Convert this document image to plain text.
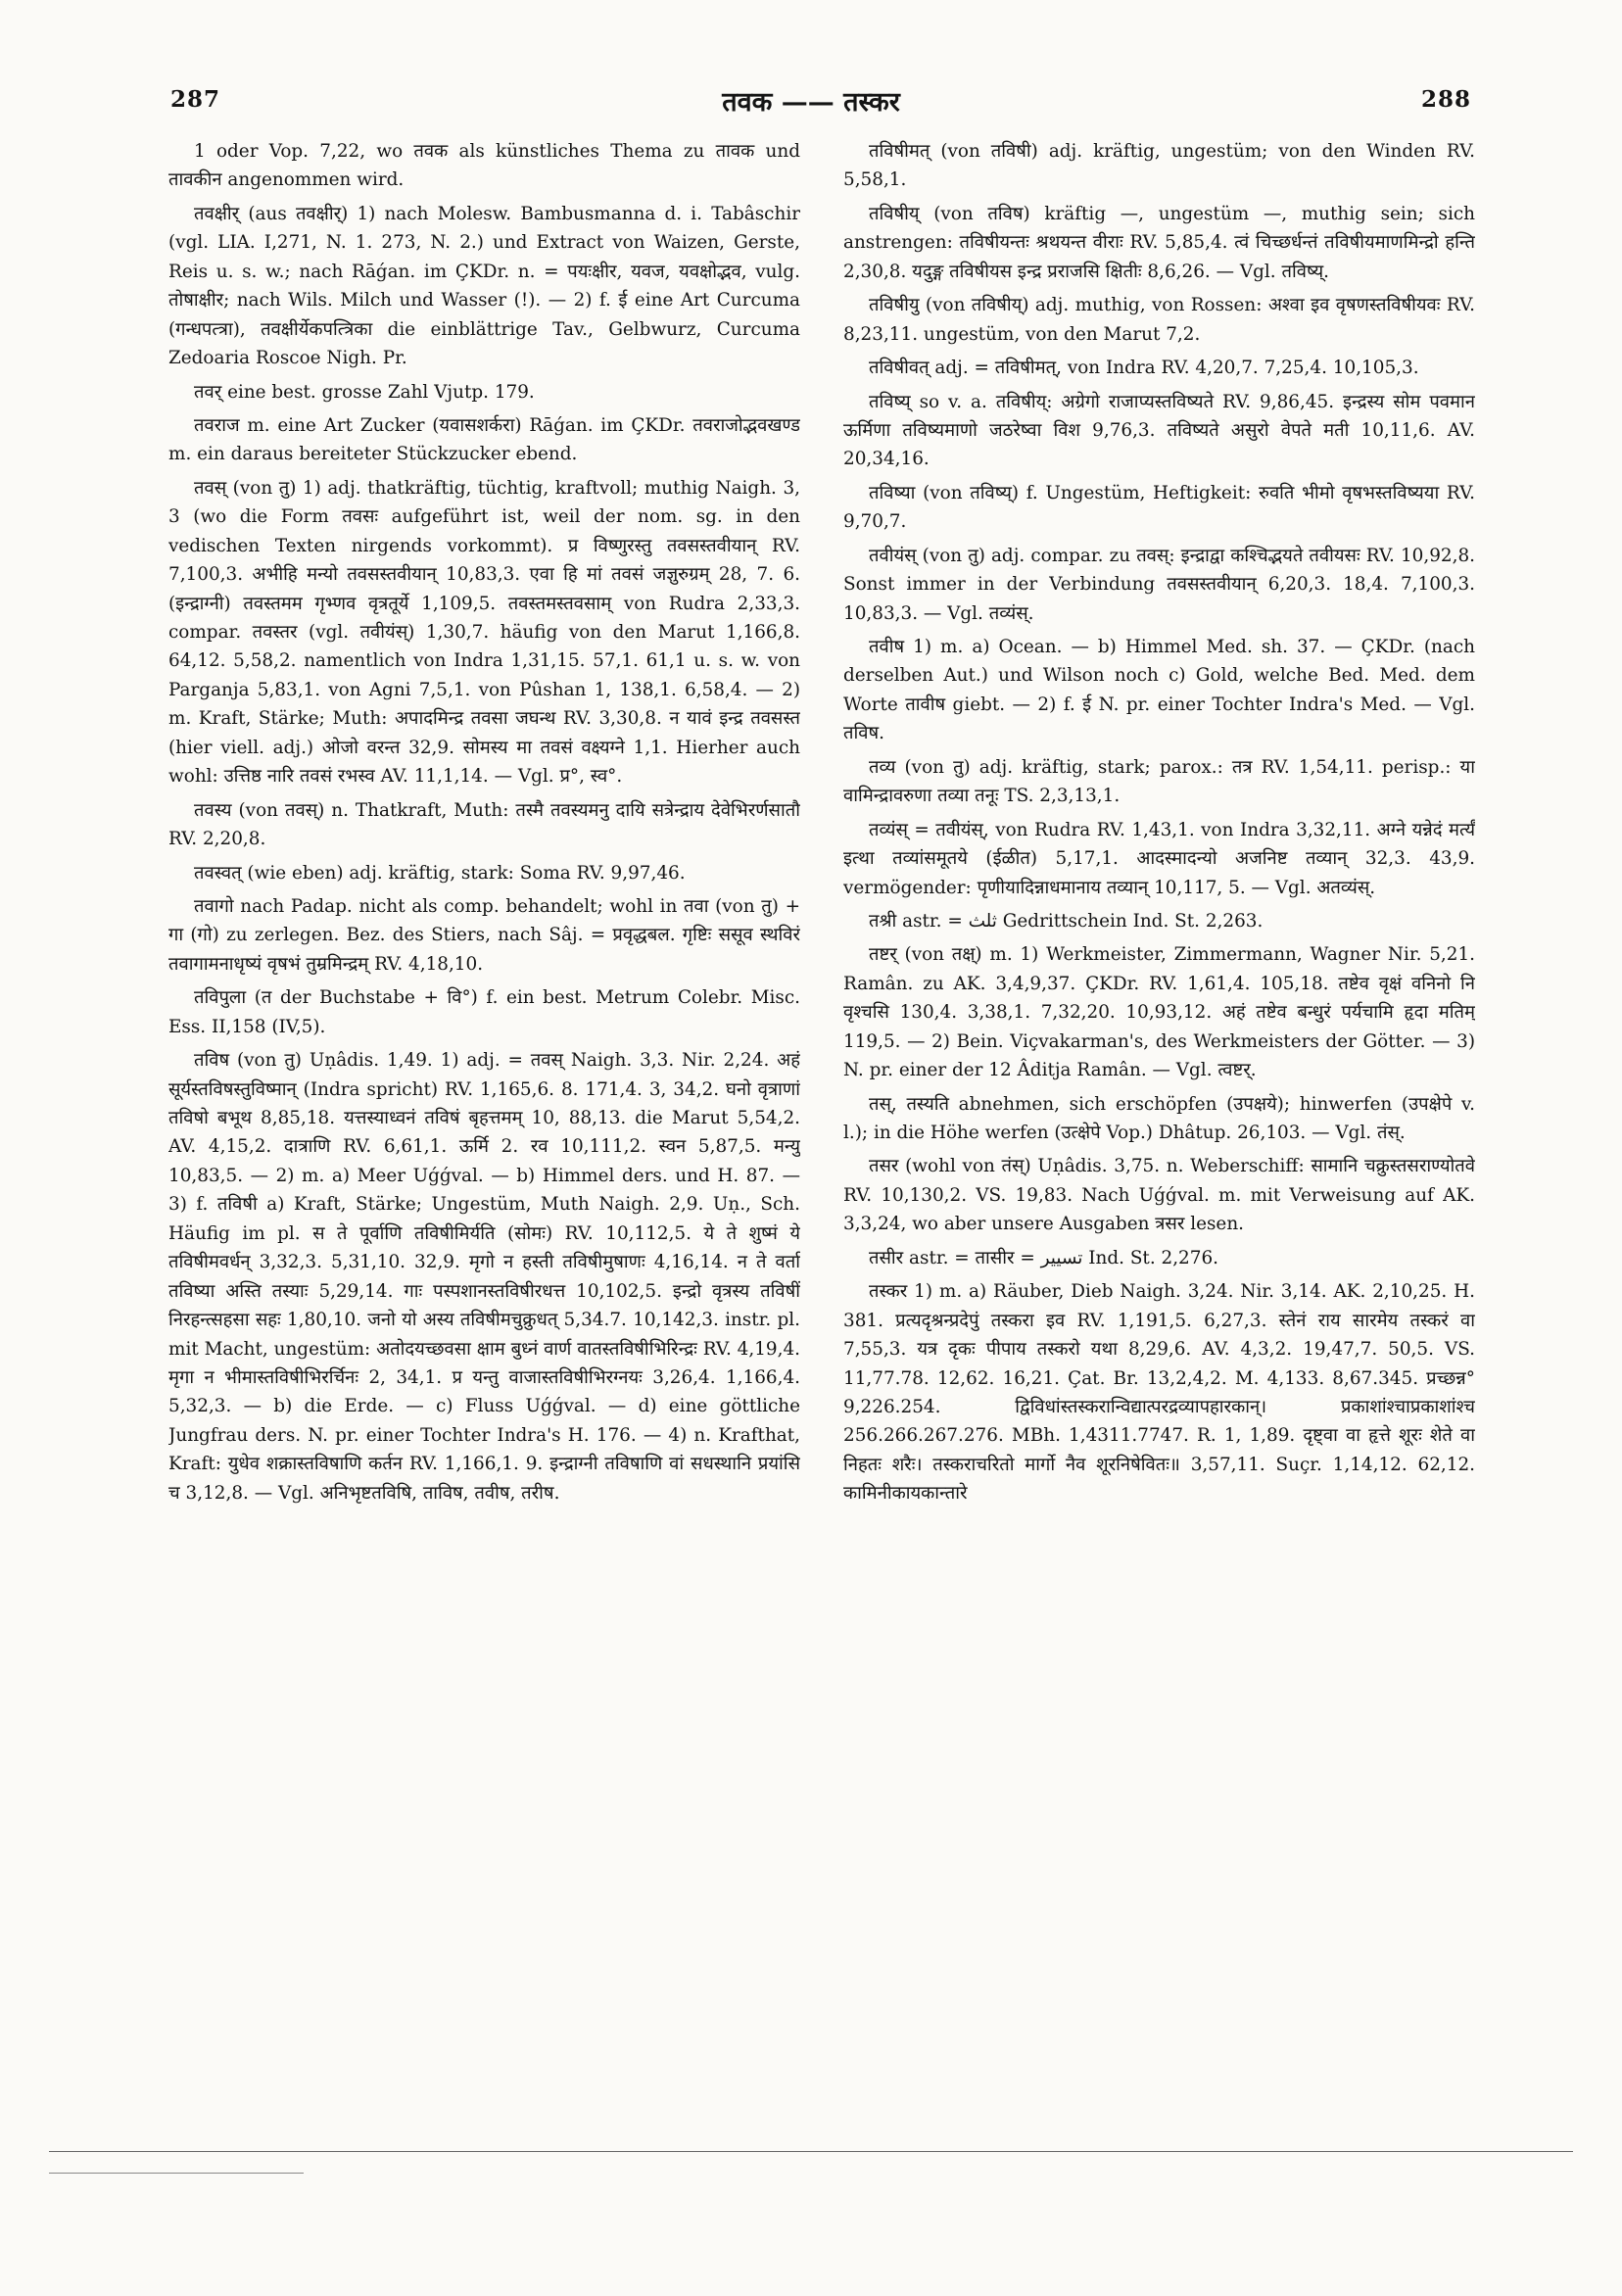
287	तवक —— तस्कर	288

1 oder Vop. 7,22, wo तवक als künstliches Thema zu तावक und तावकीन angenommen wird.

तवक्षीर् (aus तवक्षीर्) 1) nach Molesw. Bambusmanna d. i. Tabâschir (vgl. LIA. I,271, N. 1. 273, N. 2.) und Extract von Waizen, Gerste, Reis u. s. w.; nach Rāǵan. im ÇKDr. n. = पयःक्षीर, यवज, यवक्षोद्भव, vulg. तोषाक्षीर; nach Wils. Milch und Wasser (!). — 2) f. ई eine Art Curcuma (गन्धपत्त्रा), तवक्षीर्येकपत्त्रिका die einblättrige Tav., Gelbwurz, Curcuma Zedoaria Roscoe Nigh. Pr.

तवर् eine best. grosse Zahl Vjutp. 179.

तवराज m. eine Art Zucker (यवासशर्करा) Rāǵan. im ÇKDr. तवराजोद्भवखण्ड m. ein daraus bereiteter Stückzucker ebend.

तवस् (von तु) 1) adj. thatkräftig, tüchtig, kraftvoll; muthig Naigh. 3, 3 (wo die Form तवसः aufgeführt ist, weil der nom. sg. in den vedischen Texten nirgends vorkommt). प्र विष्णुरस्तु तवसस्तवीयान् RV. 7,100,3. अभीहि मन्यो तवसस्तवीयान् 10,83,3. एवा हि मां तवसं जज्ञुरुग्रम् 28, 7. 6. (इन्द्राग्नी) तवस्तमम गृभ्णव वृत्रतूर्ये 1,109,5. तवस्तमस्तवसाम् von Rudra 2,33,3. compar. तवस्तर (vgl. तवीयंस्) 1,30,7. häufig von den Marut 1,166,8. 64,12. 5,58,2. namentlich von Indra 1,31,15. 57,1. 61,1 u. s. w. von Parganja 5,83,1. von Agni 7,5,1. von Pûshan 1, 138,1. 6,58,4. — 2) m. Kraft, Stärke; Muth: अपादमिन्द्र तवसा जघन्थ RV. 3,30,8. न यावं इन्द्र तवसस्त (hier viell. adj.) ओजो वरन्त 32,9. सोमस्य मा तवसं वक्ष्यग्ने 1,1. Hierher auch wohl: उत्तिष्ठ नारि तवसं रभस्व AV. 11,1,14. — Vgl. प्र°, स्व°.

तवस्य (von तवस्) n. Thatkraft, Muth: तस्मै तवस्यमनु दायि सत्रेन्द्राय देवेभिरर्णसातौ RV. 2,20,8.

तवस्वत् (wie eben) adj. kräftig, stark: Soma RV. 9,97,46.

तवागो nach Padap. nicht als comp. behandelt; wohl in तवा (von तु) + गा (गो) zu zerlegen. Bez. des Stiers, nach Sâj. = प्रवृद्धबल. गृष्टिः ससूव स्थविरं तवागामनाधृष्यं वृषभं तुम्रमिन्द्रम् RV. 4,18,10.

तविपुला (त der Buchstabe + वि°) f. ein best. Metrum Colebr. Misc. Ess. II,158 (IV,5).

तविष (von तु) Uṇâdis. 1,49. 1) adj. = तवस् Naigh. 3,3. Nir. 2,24. अहं सूर्यस्तविषस्तुविष्मान् (Indra spricht) RV. 1,165,6. 8. 171,4. 3, 34,2. घनो वृत्राणां तविषो बभूथ 8,85,18. यत्तस्याध्वनं तविषं बृहत्तमम् 10, 88,13. die Marut 5,54,2. AV. 4,15,2. दात्राणि RV. 6,61,1. ऊर्मि 2. रव 10,111,2. स्वन 5,87,5. मन्यु 10,83,5. — 2) m. a) Meer Uǵǵval. — b) Himmel ders. und H. 87. — 3) f. तविषी a) Kraft, Stärke; Ungestüm, Muth Naigh. 2,9. Uṇ., Sch. Häufig im pl. स ते पूर्वाणि तविषीमिर्यति (सोमः) RV. 10,112,5. ये ते शुष्मं ये तविषीमवर्धन् 3,32,3. 5,31,10. 32,9. मृगो न हस्ती तविषीमुषाणः 4,16,14. न ते वर्ता तविष्या अस्ति तस्याः 5,29,14. गाः पस्पशानस्तविषीरधत्त 10,102,5. इन्द्रो वृत्रस्य तविषीं निरहन्त्सहसा सहः 1,80,10. जनो यो अस्य तविषीमचुक्रुधत् 5,34.7. 10,142,3. instr. pl. mit Macht, ungestüm: अतोदयच्छवसा क्षाम बुध्नं वार्ण वातस्तविषीभिरिन्द्रः RV. 4,19,4. मृगा न भीमास्तविषीभिरर्चिनः 2, 34,1. प्र यन्तु वाजास्तविषीभिरग्नयः 3,26,4. 1,166,4. 5,32,3. — b) die Erde. — c) Fluss Uǵǵval. — d) eine göttliche Jungfrau ders. N. pr. einer Tochter Indra's H. 176. — 4) n. Krafthat, Kraft: युधेव शक्रास्तविषाणि कर्तन RV. 1,166,1. 9. इन्द्राग्नी तविषाणि वां सधस्थानि प्रयांसि च 3,12,8. — Vgl. अनिभृष्टतविषि, ताविष, तवीष, तरीष.

तविषीमत् (von तविषी) adj. kräftig, ungestüm; von den Winden RV. 5,58,1.

तविषीय् (von तविष) kräftig —, ungestüm —, muthig sein; sich anstrengen: तविषीयन्तः श्रथयन्त वीराः RV. 5,85,4. त्वं चिच्छर्धन्तं तविषीयमाणमिन्द्रो हन्ति 2,30,8. यदुङ्ग तविषीयस इन्द्र प्रराजसि क्षितीः 8,6,26. — Vgl. तविष्य्.

तविषीयु (von तविषीय्) adj. muthig, von Rossen: अश्वा इव वृषणस्तविषीयवः RV. 8,23,11. ungestüm, von den Marut 7,2.

तविषीवत् adj. = तविषीमत्, von Indra RV. 4,20,7. 7,25,4. 10,105,3.

तविष्य् so v. a. तविषीय्: अग्रेगो राजाप्यस्तविष्यते RV. 9,86,45. इन्द्रस्य सोम पवमान ऊर्मिणा तविष्यमाणो जठरेष्वा विश 9,76,3. तविष्यते असुरो वेपते मती 10,11,6. AV. 20,34,16.

तविष्या (von तविष्य्) f. Ungestüm, Heftigkeit: रुवति भीमो वृषभस्तविष्यया RV. 9,70,7.

तवीयंस् (von तु) adj. compar. zu तवस्: इन्द्राद्वा कश्चिद्भयते तवीयसः RV. 10,92,8. Sonst immer in der Verbindung तवसस्तवीयान् 6,20,3. 18,4. 7,100,3. 10,83,3. — Vgl. तव्यंस्.

तवीष 1) m. a) Ocean. — b) Himmel Med. sh. 37. — ÇKDr. (nach derselben Aut.) und Wilson noch c) Gold, welche Bed. Med. dem Worte तावीष giebt. — 2) f. ई N. pr. einer Tochter Indra's Med. — Vgl. तविष.

तव्य (von तु) adj. kräftig, stark; parox.: तत्र RV. 1,54,11. perisp.: या वामिन्द्रावरुणा तव्या तनूः TS. 2,3,13,1.

तव्यंस् = तवीयंस्, von Rudra RV. 1,43,1. von Indra 3,32,11. अग्ने यन्नेदं मर्त्यं इत्था तव्यांसमूतये (ईळीत) 5,17,1. आदस्मादन्यो अजनिष्ट तव्यान् 32,3. 43,9. vermögender: पृणीयादिन्नाधमानाय तव्यान् 10,117, 5. — Vgl. अतव्यंस्.

तश्री astr. = ثلث Gedrittschein Ind. St. 2,263.

तष्टर् (von तक्ष्) m. 1) Werkmeister, Zimmermann, Wagner Nir. 5,21. Ramân. zu AK. 3,4,9,37. ÇKDr. RV. 1,61,4. 105,18. तष्टेव वृक्षं वनिनो नि वृश्चसि 130,4. 3,38,1. 7,32,20. 10,93,12. अहं तष्टेव बन्धुरं पर्यचामि हृदा मतिम् 119,5. — 2) Bein. Viçvakarman's, des Werkmeisters der Götter. — 3) N. pr. einer der 12 Âditja Ramân. — Vgl. त्वष्टर्.

तस्, तस्यति abnehmen, sich erschöpfen (उपक्षये); hinwerfen (उपक्षेपे v. l.); in die Höhe werfen (उत्क्षेपे Vop.) Dhâtup. 26,103. — Vgl. तंस्.

तसर (wohl von तंस्) Uṇâdis. 3,75. n. Weberschiff: सामानि चक्रुस्तसराण्योतवे RV. 10,130,2. VS. 19,83. Nach Uǵǵval. m. mit Verweisung auf AK. 3,3,24, wo aber unsere Ausgaben त्रसर lesen.

तसीर astr. = तासीर = تسيير Ind. St. 2,276.

तस्कर 1) m. a) Räuber, Dieb Naigh. 3,24. Nir. 3,14. AK. 2,10,25. H. 381. प्रत्यदृश्रन्प्रदेपुं तस्करा इव RV. 1,191,5. 6,27,3. स्तेनं राय सारमेय तस्करं वा 7,55,3. यत्र दृकः पीपाय तस्करो यथा 8,29,6. AV. 4,3,2. 19,47,7. 50,5. VS. 11,77.78. 12,62. 16,21. Çat. Br. 13,2,4,2. M. 4,133. 8,67.345. प्रच्छन्न° 9,226.254. द्विविधांस्तस्करान्विद्यात्परद्रव्यापहारकान्। प्रकाशांश्चाप्रकाशांश्च 256.266.267.276. MBh. 1,4311.7747. R. 1, 1,89. दृष्ट्वा वा हृत्ते शूरः शेते वा निहतः शरैः। तस्कराचरितो मार्गो नैव शूरनिषेवितः॥ 3,57,11. Suçr. 1,14,12. 62,12. कामिनीकायकान्तारे
